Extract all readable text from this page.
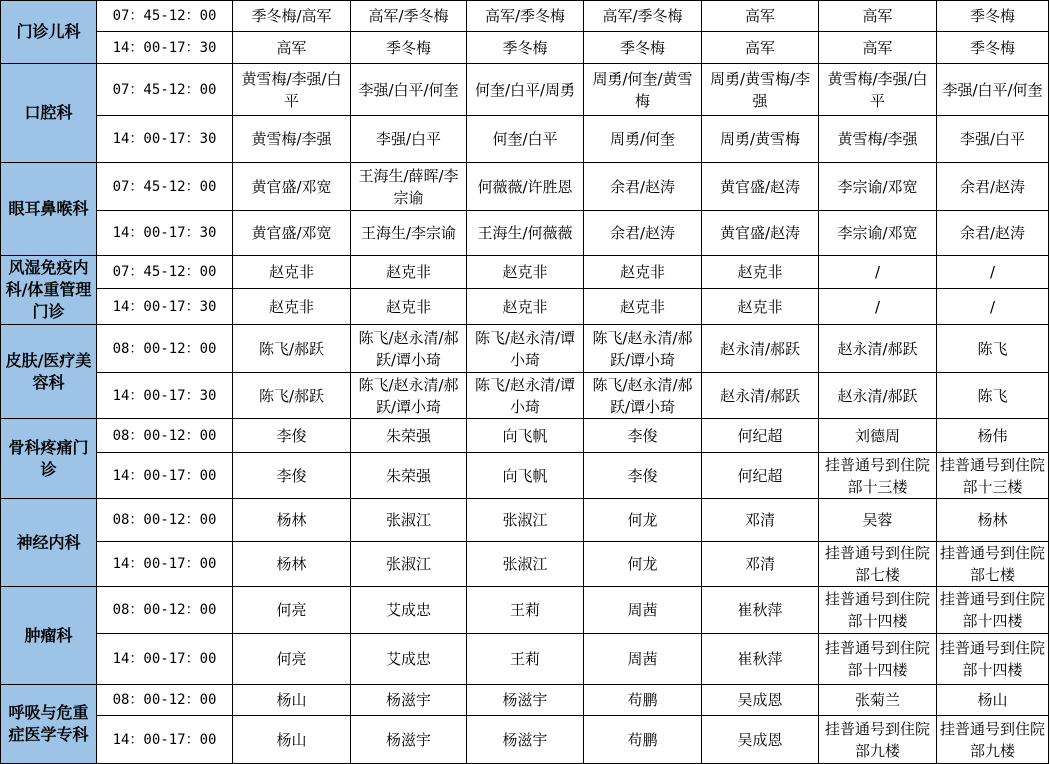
门诊儿科	07：45-12：00	季冬梅/高军	高军/季冬梅	高军/季冬梅	高军/季冬梅	高军	高军	季冬梅
	14：00-17：30	高军	季冬梅	季冬梅	季冬梅	高军	高军	季冬梅
口腔科	07：45-12：00	黄雪梅/李强/白平	李强/白平/何奎	何奎/白平/周勇	周勇/何奎/黄雪梅	周勇/黄雪梅/李强	黄雪梅/李强/白平	李强/白平/何奎
	14：00-17：30	黄雪梅/李强	李强/白平	何奎/白平	周勇/何奎	周勇/黄雪梅	黄雪梅/李强	李强/白平
眼耳鼻喉科	07：45-12：00	黄官盛/邓宽	王海生/薛晖/李宗谕	何薇薇/许胜恩	余君/赵涛	黄官盛/赵涛	李宗谕/邓宽	余君/赵涛
	14：00-17：30	黄官盛/邓宽	王海生/李宗谕	王海生/何薇薇	余君/赵涛	黄官盛/赵涛	李宗谕/邓宽	余君/赵涛
风湿免疫内科/体重管理门诊	07：45-12：00	赵克非	赵克非	赵克非	赵克非	赵克非	/	/
	14：00-17：30	赵克非	赵克非	赵克非	赵克非	赵克非	/	/
皮肤/医疗美容科	08：00-12：00	陈飞/郝跃	陈飞/赵永清/郝跃/谭小琦	陈飞/赵永清/谭小琦	陈飞/赵永清/郝跃/谭小琦	赵永清/郝跃	赵永清/郝跃	陈飞
	14：00-17：30	陈飞/郝跃	陈飞/赵永清/郝跃/谭小琦	陈飞/赵永清/谭小琦	陈飞/赵永清/郝跃/谭小琦	赵永清/郝跃	赵永清/郝跃	陈飞
骨科疼痛门诊	08：00-12：00	李俊	朱荣强	向飞帆	李俊	何纪超	刘德周	杨伟
	14：00-17：00	李俊	朱荣强	向飞帆	李俊	何纪超	挂普通号到住院部十三楼	挂普通号到住院部十三楼
神经内科	08：00-12：00	杨林	张淑江	张淑江	何龙	邓清	吴蓉	杨林
	14：00-17：00	杨林	张淑江	张淑江	何龙	邓清	挂普通号到住院部七楼	挂普通号到住院部七楼
肿瘤科	08：00-12：00	何亮	艾成忠	王莉	周茜	崔秋萍	挂普通号到住院部十四楼	挂普通号到住院部十四楼
	14：00-17：00	何亮	艾成忠	王莉	周茜	崔秋萍	挂普通号到住院部十四楼	挂普通号到住院部十四楼
呼吸与危重症医学专科	08：00-12：00	杨山	杨滋宇	杨滋宇	苟鹏	吴成恩	张菊兰	杨山
	14：00-17：00	杨山	杨滋宇	杨滋宇	苟鹏	吴成恩	挂普通号到住院部九楼	挂普通号到住院部九楼
